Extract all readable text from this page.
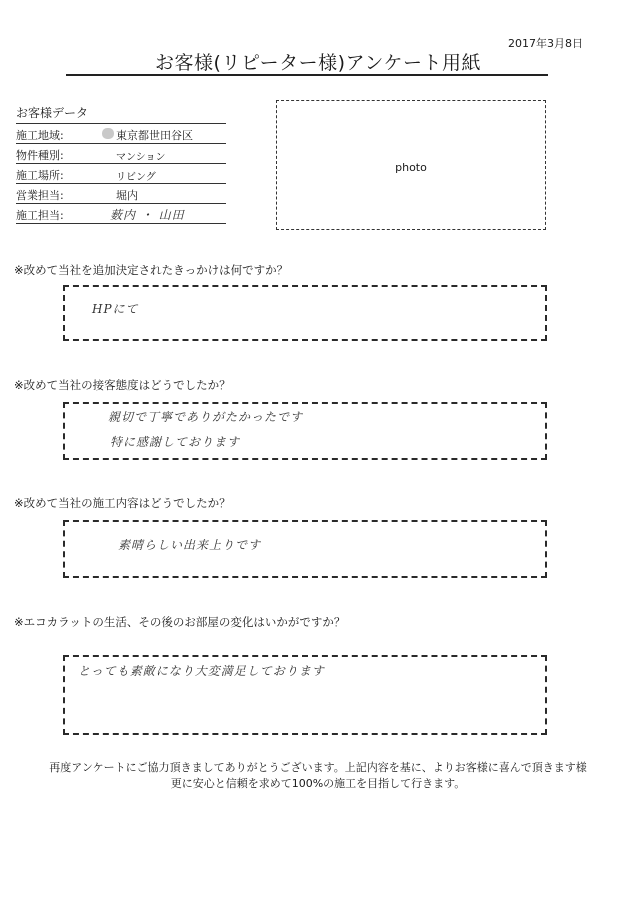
2017年3月8日
お客様(リピーター様)アンケート用紙
お客様データ
施工地域:	東京都世田谷区
物件種別:	マンション
施工場所:	リビング
営業担当:	堀内
施工担当:	薮内 ・ 山田
photo
※改めて当社を追加決定されたきっかけは何ですか？
HPにて
※改めて当社の接客態度はどうでしたか？
親切で丁寧でありがたかったです
特に感謝しております
※改めて当社の施工内容はどうでしたか？
素晴らしい出来上りです
※エコカラットの生活、その後のお部屋の変化はいかがですか？
とっても素敵になり大変満足しております
再度アンケートにご協力頂きましてありがとうございます。上記内容を基に、よりお客様に喜んで頂きます様
更に安心と信頼を求めて100%の施工を目指して行きます。
